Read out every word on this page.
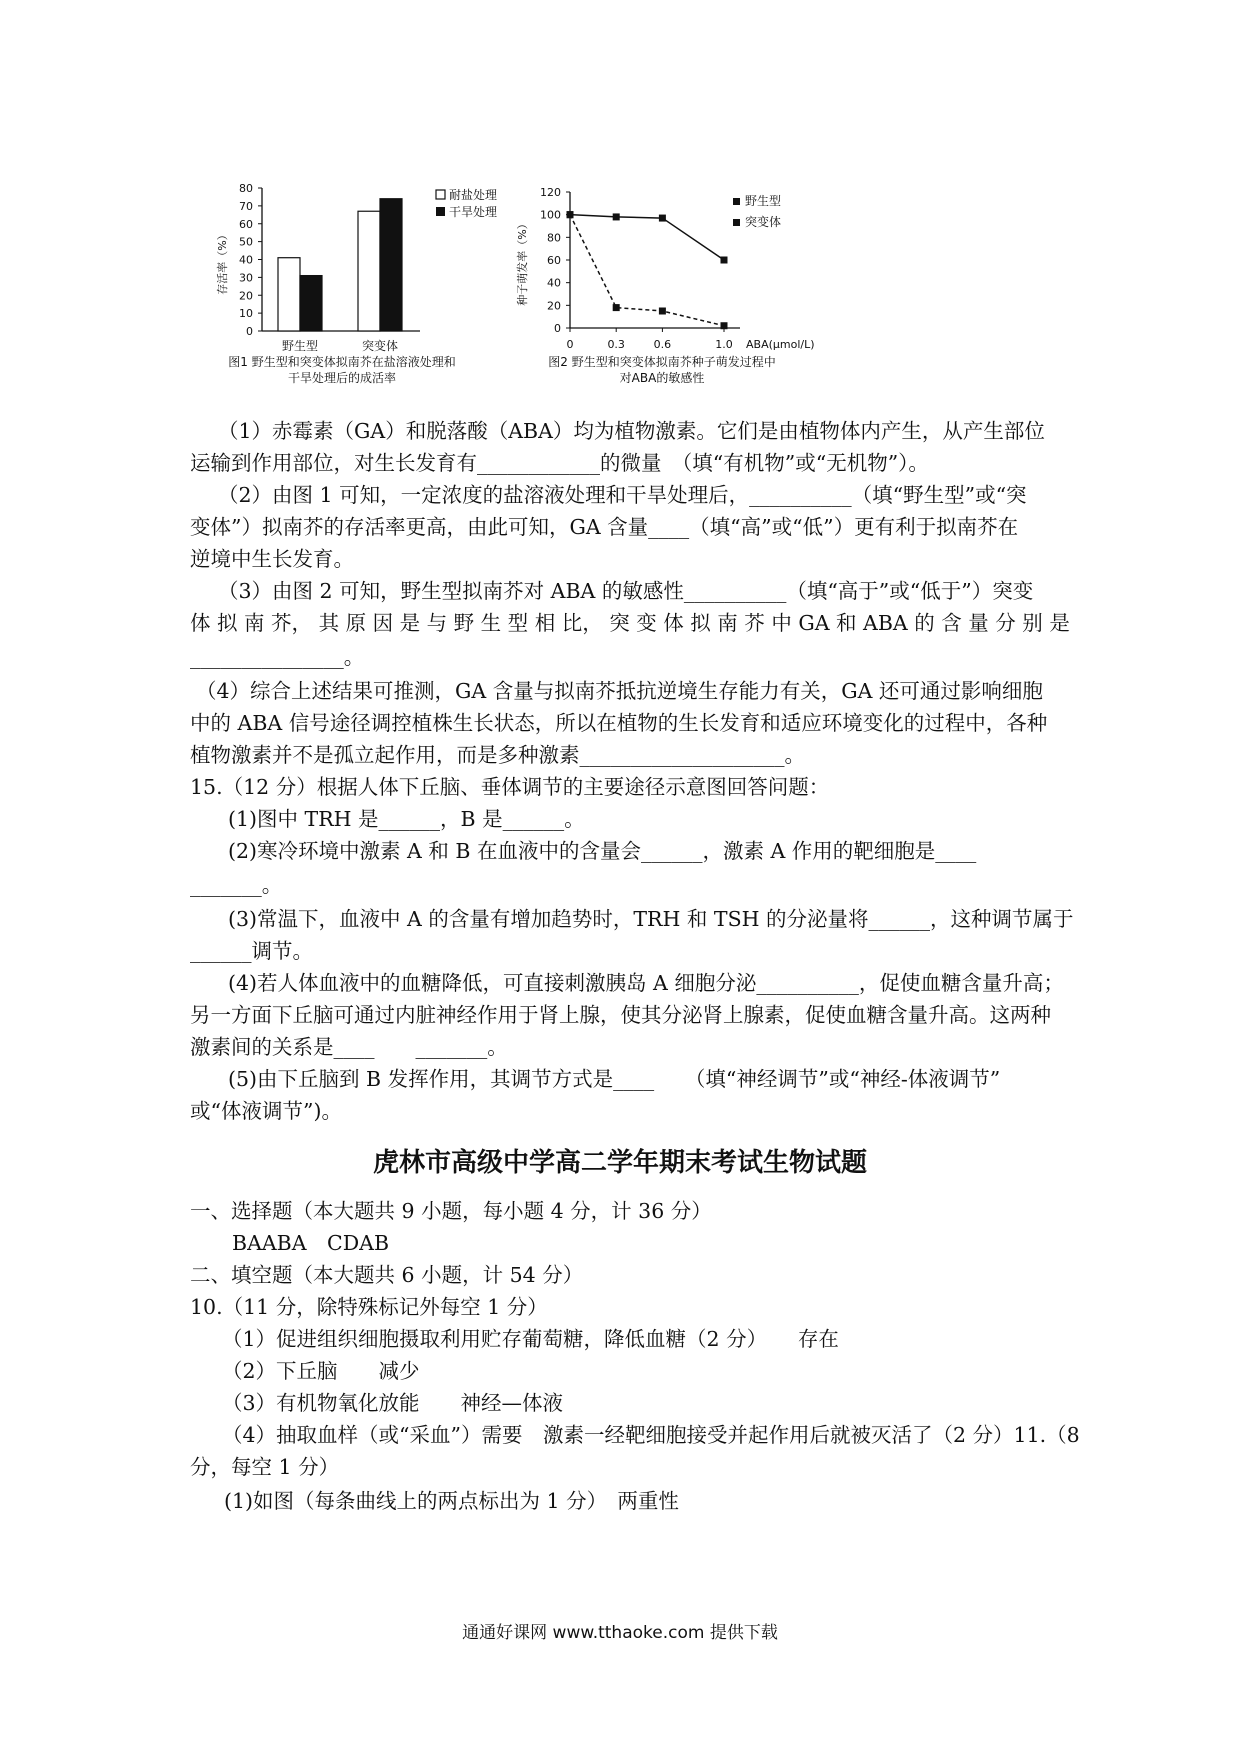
80
70
60
50
40
30
20
10
0
存活率（%）
野生型	突变体
耐盐处理
干旱处理
图1 野生型和突变体拟南芥在盐溶液处理和
干旱处理后的成活率
120
100
80
60
40
20
0
0	0.3	0.6	1.0
种子萌发率（%）
ABA(μmol/L)
野生型
突变体
图2 野生型和突变体拟南芥种子萌发过程中
对ABA的敏感性
（1）赤霉素（GA）和脱落酸（ABA）均为植物激素。它们是由植物体内产生，从产生部位
运输到作用部位，对生长发育有____________的微量　（填“有机物”或“无机物”）。
（2）由图 1 可知，一定浓度的盐溶液处理和干旱处理后，__________（填“野生型”或“突
变体”）拟南芥的存活率更高，由此可知，GA 含量____（填“高”或“低”）更有利于拟南芥在
逆境中生长发育。
（3）由图 2 可知，野生型拟南芥对 ABA 的敏感性__________（填“高于”或“低于”）突变
体 拟 南 芥， 其 原 因 是 与 野 生 型 相 比， 突 变 体 拟 南 芥 中 GA 和 ABA 的 含 量 分 别 是
_______________。
（4）综合上述结果可推测，GA 含量与拟南芥抵抗逆境生存能力有关，GA 还可通过影响细胞
中的 ABA 信号途径调控植株生长状态，所以在植物的生长发育和适应环境变化的过程中，各种
植物激素并不是孤立起作用，而是多种激素____________________。
15.（12 分）根据人体下丘脑、垂体调节的主要途径示意图回答问题：
(1)图中 TRH 是______，B 是______。
(2)寒冷环境中激素 A 和 B 在血液中的含量会______，激素 A 作用的靶细胞是____
_______。
(3)常温下，血液中 A 的含量有增加趋势时，TRH 和 TSH 的分泌量将______，这种调节属于
______调节。
(4)若人体血液中的血糖降低，可直接刺激胰岛 A 细胞分泌__________，促使血糖含量升高；
另一方面下丘脑可通过内脏神经作用于肾上腺，使其分泌肾上腺素，促使血糖含量升高。这两种
激素间的关系是____　　_______。
(5)由下丘脑到 B 发挥作用，其调节方式是____　　（填“神经调节”或“神经-体液调节”
或“体液调节”)。
虎林市高级中学高二学年期末考试生物试题
一、选择题（本大题共 9 小题，每小题 4 分，计 36 分）
BAABA　CDAB
二、填空题（本大题共 6 小题，计 54 分）
10.（11 分，除特殊标记外每空 1 分）
（1）促进组织细胞摄取利用贮存葡萄糖，降低血糖（2 分）　　存在
（2）下丘脑　　减少
（3）有机物氧化放能　　神经—体液
（4）抽取血样（或“采血”）需要　激素一经靶细胞接受并起作用后就被灭活了（2 分）11.（8
分，每空 1 分）
(1)如图（每条曲线上的两点标出为 1 分）　两重性
通通好课网 www.tthaoke.com 提供下载
